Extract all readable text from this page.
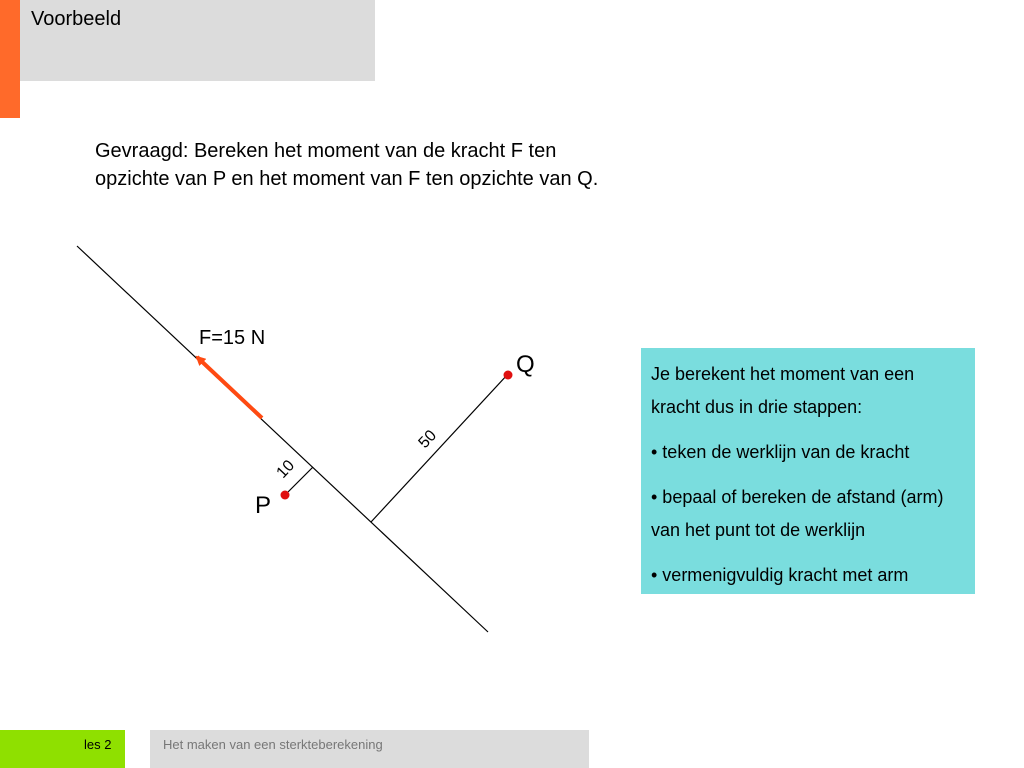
Voorbeeld
Gevraagd: Bereken het moment van de kracht F ten
opzichte van P en het moment van F ten opzichte van Q.
F=15 N
Q
P
10
50

Je berekent het moment van een kracht dus in drie stappen:

• teken de werklijn van de kracht

• bepaal of bereken de afstand (arm) van het punt tot de werklijn

• vermenigvuldig kracht met arm

les 2	Het maken van een sterkteberekening
